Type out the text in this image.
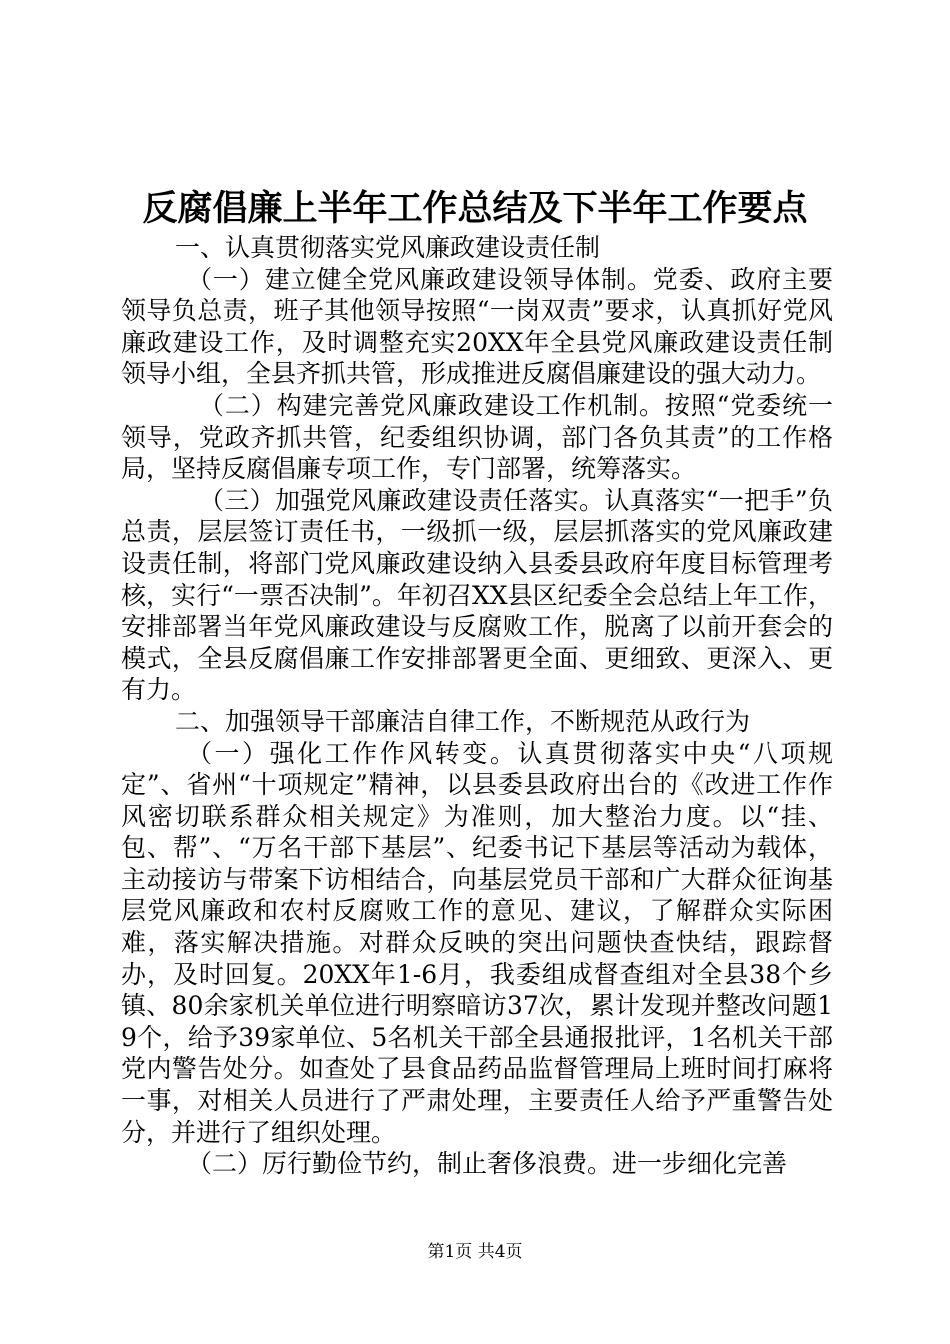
反腐倡廉上半年工作总结及下半年工作要点

一、认真贯彻落实党风廉政建设责任制

（一）建立健全党风廉政建设领导体制。党委、政府主要领导负总责，班子其他领导按照“一岗双责”要求，认真抓好党风廉政建设工作，及时调整充实20XX年全县党风廉政建设责任制领导小组，全县齐抓共管，形成推进反腐倡廉建设的强大动力。

（二）构建完善党风廉政建设工作机制。按照“党委统一领导，党政齐抓共管，纪委组织协调，部门各负其责”的工作格局，坚持反腐倡廉专项工作，专门部署，统筹落实。

（三）加强党风廉政建设责任落实。认真落实“一把手”负总责，层层签订责任书，一级抓一级，层层抓落实的党风廉政建设责任制，将部门党风廉政建设纳入县委县政府年度目标管理考核，实行“一票否决制”。年初召XX县区纪委全会总结上年工作，安排部署当年党风廉政建设与反腐败工作，脱离了以前开套会的模式，全县反腐倡廉工作安排部署更全面、更细致、更深入、更有力。

二、加强领导干部廉洁自律工作，不断规范从政行为

（一）强化工作作风转变。认真贯彻落实中央“八项规定”、省州“十项规定”精神，以县委县政府出台的《改进工作作风密切联系群众相关规定》为准则，加大整治力度。以“挂、包、帮”、“万名干部下基层”、纪委书记下基层等活动为载体，主动接访与带案下访相结合，向基层党员干部和广大群众征询基层党风廉政和农村反腐败工作的意见、建议，了解群众实际困难，落实解决措施。对群众反映的突出问题快查快结，跟踪督办，及时回复。20XX年1-6月，我委组成督查组对全县38个乡镇、80余家机关单位进行明察暗访37次，累计发现并整改问题19个，给予39家单位、5名机关干部全县通报批评，1名机关干部党内警告处分。如查处了县食品药品监督管理局上班时间打麻将一事，对相关人员进行了严肃处理，主要责任人给予严重警告处分，并进行了组织处理。

（二）厉行勤俭节约，制止奢侈浪费。进一步细化完善

第1页 共4页
